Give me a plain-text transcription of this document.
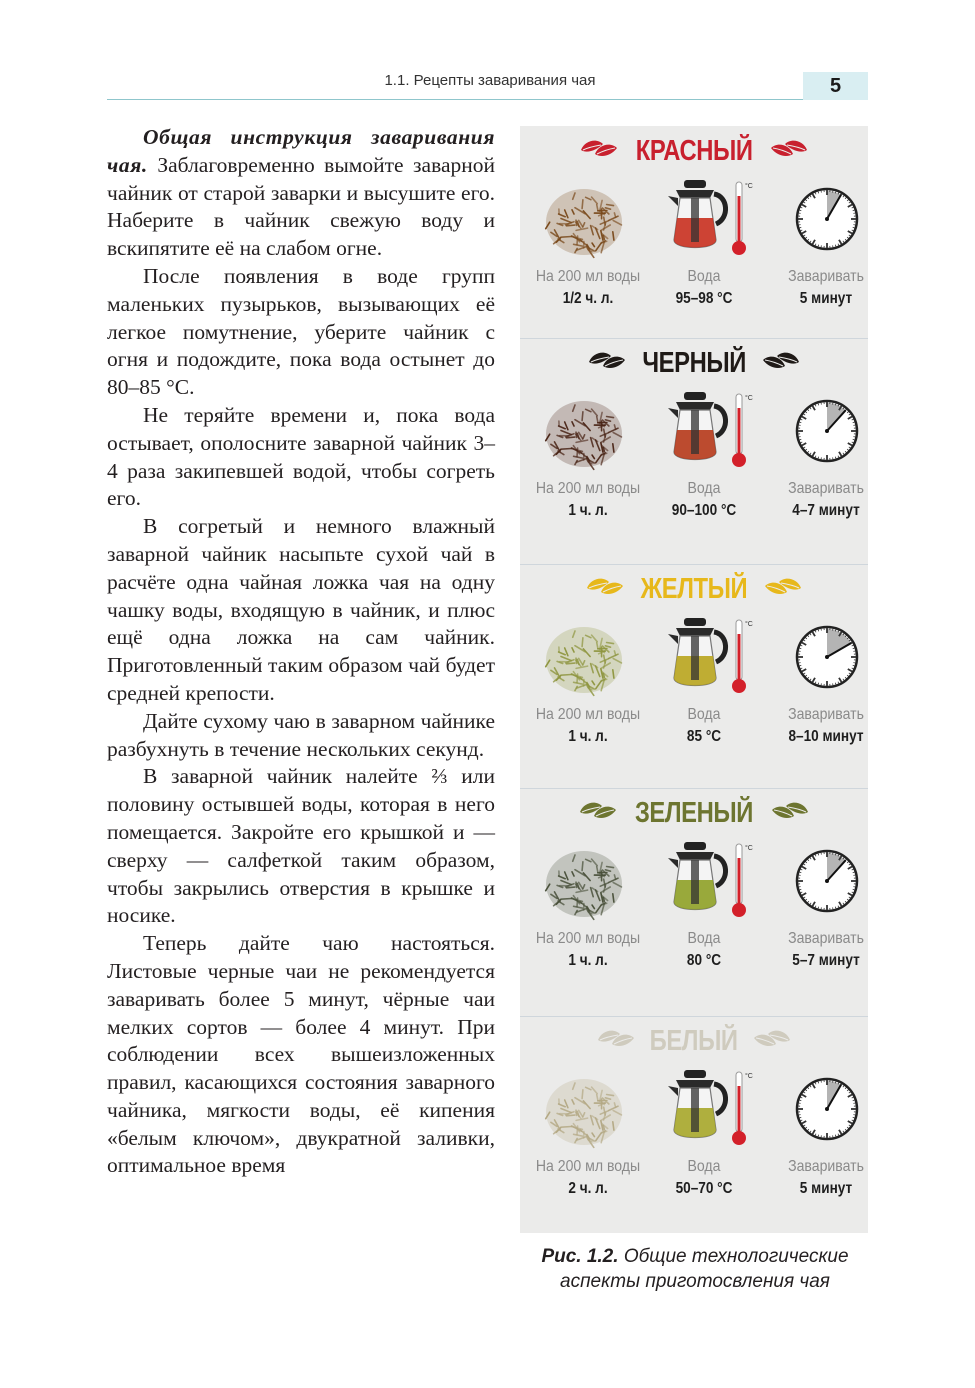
1.1. Рецепты заваривания чая	5

Общая инструкция заваривания чая. Заблаговременно вымойте заварной чайник от старой заварки и высушите его. Наберите в чайник свежую воду и вскипятите её на слабом огне.

После появления в воде групп маленьких пузырьков, вызывающих её легкое помутнение, уберите чайник с огня и подождите, пока вода остынет до 80–85 °C.

Не теряйте времени и, пока вода остывает, ополосните заварной чайник 3–4 раза закипевшей водой, чтобы согреть его.

В согретый и немного влажный заварной чайник насыпьте сухой чай в расчёте одна чайная ложка чая на одну чашку воды, входящую в чайник, и плюс ещё одна ложка на сам чайник. Приготовленный таким образом чай будет средней крепости.

Дайте сухому чаю в заварном чайнике разбухнуть в течение нескольких секунд.

В заварной чайник налейте ⅔ или половину остывшей воды, которая в него помещается. Закройте его крышкой и — сверху — салфеткой таким образом, чтобы закрылись отверстия в крышке и носике.

Теперь дайте чаю настояться. Листовые черные чаи не рекомендуется заваривать более 5 минут, чёрные чаи мелких сортов — более 4 минут. При соблюдении всех вышеизложенных правил, касающихся состояния заварного чайника, мягкости воды, её кипения «белым ключом», двукратной заливки, оптимальное время

КРАСНЫЙ
°C
На 200 мл воды	Вода	Заваривать
1/2 ч. л.	95–98 °С	5 минут
ЧЕРНЫЙ
°C
На 200 мл воды	Вода	Заваривать
1 ч. л.	90–100 °С	4–7 минут
ЖЕЛТЫЙ
°C
На 200 мл воды	Вода	Заваривать
1 ч. л.	85 °С	8–10 минут
ЗЕЛЕНЫЙ
°C
На 200 мл воды	Вода	Заваривать
1 ч. л.	80 °С	5–7 минут
БЕЛЫЙ
°C
На 200 мл воды	Вода	Заваривать
2 ч. л.	50–70 °С	5 минут
Рис. 1.2. Общие технологические аспекты приготосвления чая
